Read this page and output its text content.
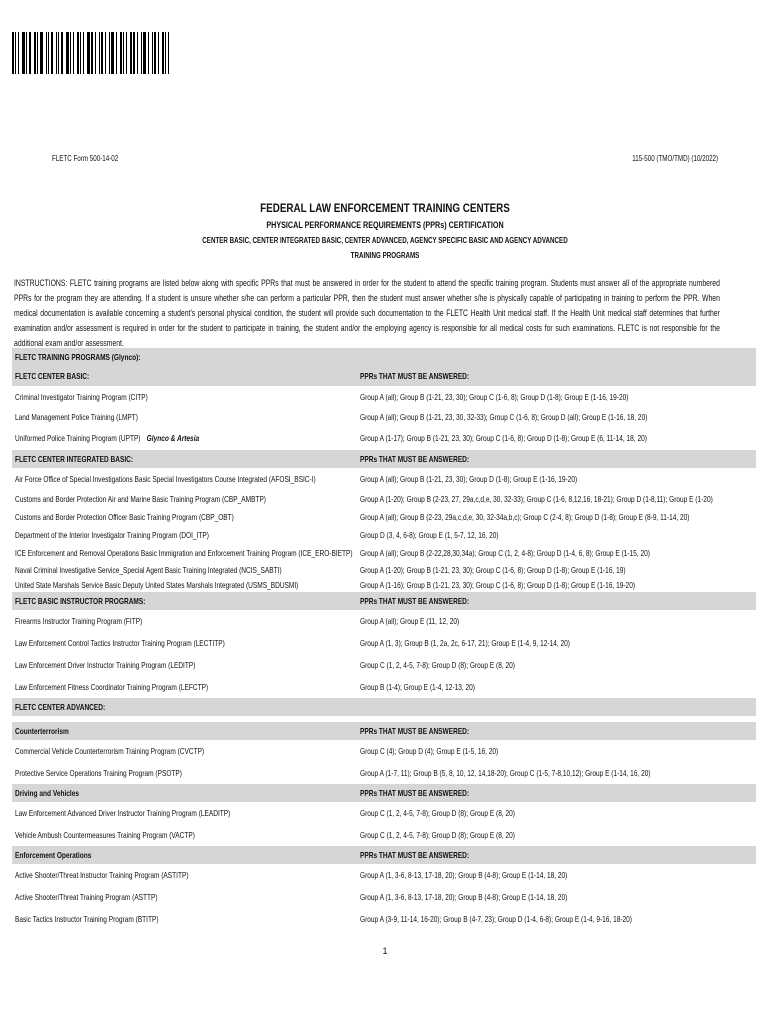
FLETC Form 500-14-02	115-500 (TMO/TMD) (10/2022)
FEDERAL LAW ENFORCEMENT TRAINING CENTERS
PHYSICAL PERFORMANCE REQUIREMENTS (PPRs) CERTIFICATION
CENTER BASIC, CENTER INTEGRATED BASIC, CENTER ADVANCED, AGENCY SPECIFIC BASIC AND AGENCY ADVANCED
TRAINING PROGRAMS
INSTRUCTIONS: FLETC training programs are listed below along with specific PPRs that must be answered in order for the student to attend the specific training program. Students must answer all of the appropriate numbered PPRs for the program they are attending. If a student is unsure whether s/he can perform a particular PPR, then the student must answer whether s/he is physically capable of participating in training to perform the PPR. When medical documentation is available concerning a student's personal physical condition, the student will provide such documentation to the FLETC Health Unit medical staff. If the Health Unit medical staff determines that further examination and/or assessment is required in order for the student to participate in training, the student and/or the employing agency is responsible for all medical costs for such examinations. FLETC is not responsible for the additional exam and/or assessment.
FLETC TRAINING PROGRAMS (Glynco):
FLETC CENTER BASIC:	PPRs THAT MUST BE ANSWERED:
Criminal Investigator Training Program (CITP)	Group A (all); Group B (1-21, 23, 30); Group C (1-6, 8); Group D (1-8); Group E (1-16, 19-20)
Land Management Police Training (LMPT)	Group A (all); Group B (1-21, 23, 30, 32-33); Group C (1-6, 8); Group D (all); Group E (1-16, 18, 20)
Uniformed Police Training Program (UPTP) Glynco & Artesia	Group A (1-17); Group B (1-21, 23, 30); Group C (1-6, 8); Group D (1-8); Group E (6, 11-14, 18, 20)
FLETC CENTER INTEGRATED BASIC:	PPRs THAT MUST BE ANSWERED:
Air Force Office of Special Investigations Basic Special Investigators Course Integrated (AFOSI_BSIC-I)	Group A (all); Group B (1-21, 23, 30); Group D (1-8); Group E (1-16, 19-20)
Customs and Border Protection Air and Marine Basic Training Program (CBP_AMBTP)	Group A (1-20); Group B (2-23, 27, 29a,c,d,e, 30, 32-33); Group C (1-6, 8,12,16, 18-21); Group D (1-8,11); Group E (1-20)
Customs and Border Protection Officer Basic Training Program (CBP_OBT)	Group A (all); Group B (2-23, 29a,c,d,e, 30, 32-34a,b,c); Group C (2-4, 8); Group D (1-8); Group E (8-9, 11-14, 20)
Department of the Interior Investigator Training Program (DOI_ITP)	Group D (3, 4, 6-8); Group E (1, 5-7, 12, 16, 20)
ICE Enforcement and Removal Operations Basic Immigration and Enforcement Training Program (ICE_ERO-BIETP) Group A (all); Group B (2-22,28,30,34a); Group C (1, 2, 4-8); Group D (1-4, 6, 8); Group E (1-15, 20)
Naval Criminal Investigative Service_Special Agent Basic Training Integrated (NCIS_SABTI)	Group A (1-20); Group B (1-21, 23, 30); Group C (1-6, 8); Group D (1-8); Group E (1-16, 19)
United State Marshals Service Basic Deputy United States Marshals Integrated (USMS_BDUSMI)	Group A (1-16); Group B (1-21, 23, 30); Group C (1-6, 8); Group D (1-8); Group E (1-16, 19-20)
FLETC BASIC INSTRUCTOR PROGRAMS:	PPRs THAT MUST BE ANSWERED:
Firearms Instructor Training Program (FITP)	Group A (all); Group E (11, 12, 20)
Law Enforcement Control Tactics Instructor Training Program (LECTITP)	Group A (1, 3); Group B (1, 2a, 2c, 6-17, 21); Group E (1-4, 9, 12-14, 20)
Law Enforcement Driver Instructor Training Program (LEDITP)	Group C (1, 2, 4-5, 7-8); Group D (8); Group E (8, 20)
Law Enforcement Fitness Coordinator Training Program (LEFCTP)	Group B (1-4); Group E (1-4, 12-13, 20)
FLETC CENTER ADVANCED:
Counterterrorism	PPRs THAT MUST BE ANSWERED:
Commercial Vehicle Counterterrorism Training Program (CVCTP)	Group C (4); Group D (4); Group E (1-5, 16, 20)
Protective Service Operations Training Program (PSOTP)	Group A (1-7, 11); Group B (5, 8, 10, 12, 14,18-20); Group C (1-5, 7-8,10,12); Group E (1-14, 16, 20)
Driving and Vehicles	PPRs THAT MUST BE ANSWERED:
Law Enforcement Advanced Driver Instructor Training Program (LEADITP)	Group C (1, 2, 4-5, 7-8); Group D (8); Group E (8, 20)
Vehicle Ambush Countermeasures Training Program (VACTP)	Group C (1, 2, 4-5, 7-8); Group D (8); Group E (8, 20)
Enforcement Operations	PPRs THAT MUST BE ANSWERED:
Active Shooter/Threat Instructor Training Program (ASTITP)	Group A (1, 3-6, 8-13, 17-18, 20); Group B (4-8); Group E (1-14, 18, 20)
Active Shooter/Threat Training Program (ASTTP)	Group A (1, 3-6, 8-13, 17-18, 20); Group B (4-8); Group E (1-14, 18, 20)
Basic Tactics Instructor Training Program (BTITP)	Group A (3-9, 11-14, 16-20); Group B (4-7, 23); Group D (1-4, 6-8); Group E (1-4, 9-16, 18-20)
1
